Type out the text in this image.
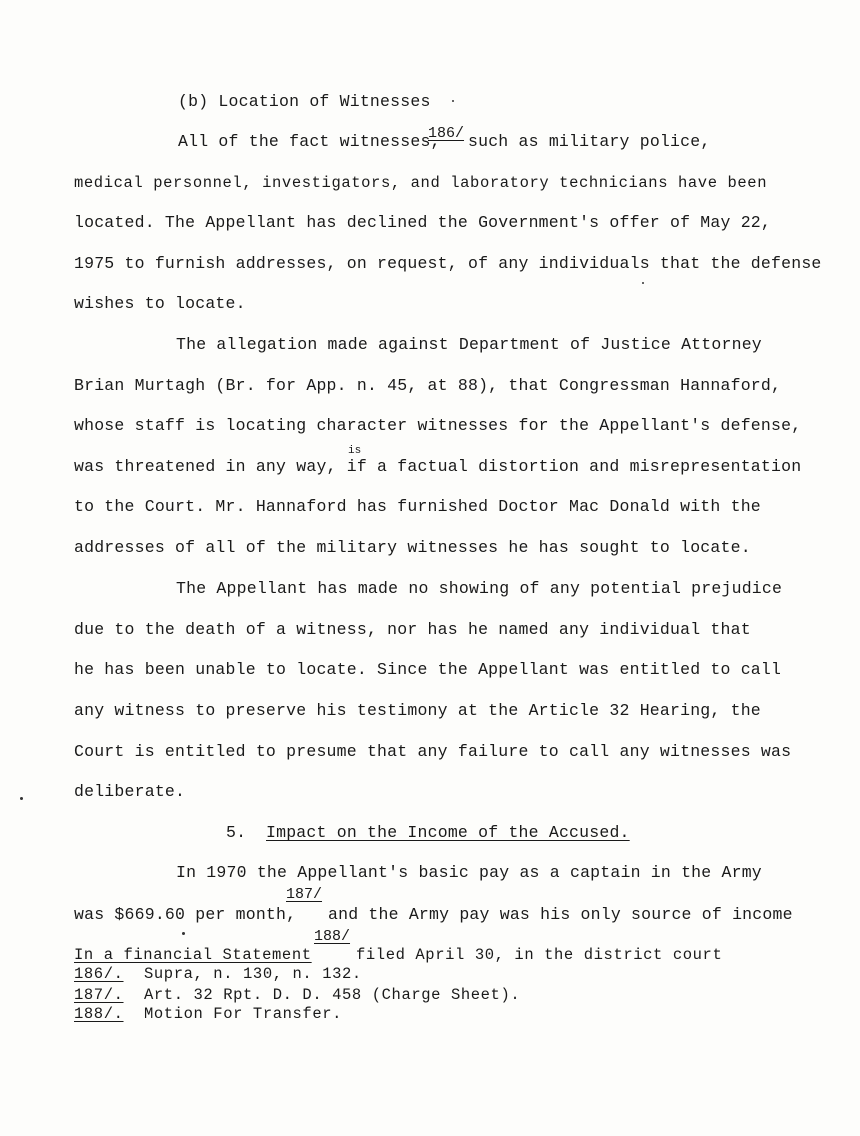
(b) Location of Witnesses
All of the fact witnesses,
186/ such as military police,
medical personnel, investigators, and laboratory technicians have been
located. The Appellant has declined the Government's offer of May 22,
1975 to furnish addresses, on request, of any individuals that the defense
wishes to locate.
The allegation made against Department of Justice Attorney
Brian Murtagh (Br. for App. n. 45, at 88), that Congressman Hannaford,
whose staff is locating character witnesses for the Appellant's defense,
is
was threatened in any way, if a factual distortion and misrepresentation
to the Court. Mr. Hannaford has furnished Doctor Mac Donald with the
addresses of all of the military witnesses he has sought to locate.
The Appellant has made no showing of any potential prejudice
due to the death of a witness, nor has he named any individual that
he has been unable to locate. Since the Appellant was entitled to call
any witness to preserve his testimony at the Article 32 Hearing, the
Court is entitled to presume that any failure to call any witnesses was
deliberate.
5. Impact on the Income of the Accused.
In 1970 the Appellant's basic pay as a captain in the Army
187/
was $669.60 per month, and the Army pay was his only source of income
188/
In a financial Statement	filed April 30, in the district court
186/. Supra, n. 130, n. 132.
187/. Art. 32 Rpt. D. D. 458 (Charge Sheet).
188/. Motion For Transfer.
